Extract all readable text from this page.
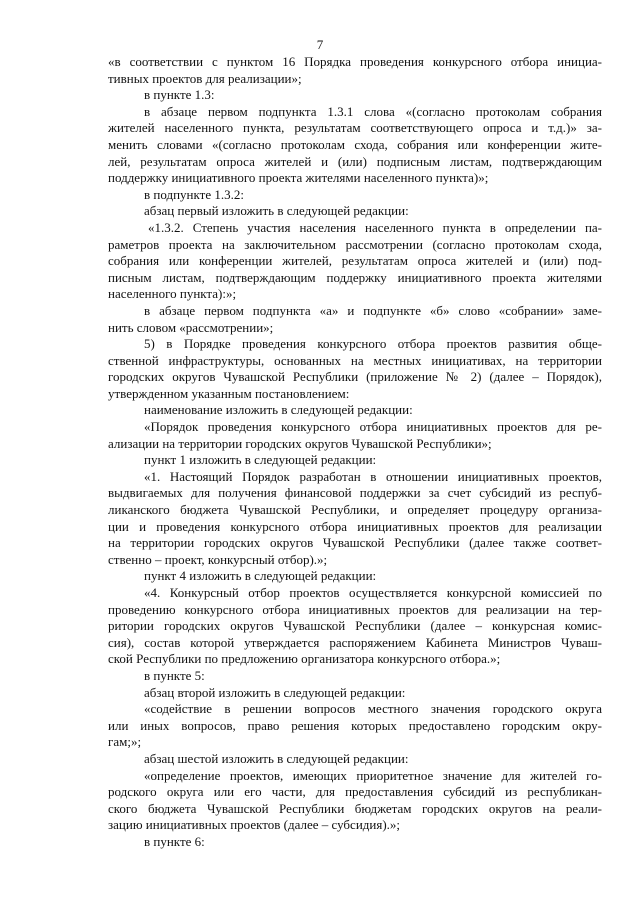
7
«в соответствии с пунктом 16 Порядка проведения конкурсного отбора инициа-
тивных проектов для реализации»;
в пункте 1.3:
в абзаце первом подпункта 1.3.1 слова «(согласно протоколам собрания
жителей населенного пункта, результатам соответствующего опроса и т.д.)» за-
менить словами «(согласно протоколам схода, собрания или конференции жите-
лей, результатам опроса жителей и (или) подписным листам, подтверждающим
поддержку инициативного проекта жителями населенного пункта)»;
в подпункте 1.3.2:
абзац первый изложить в следующей редакции:
«1.3.2. Степень участия населения населенного пункта в определении па-
раметров проекта на заключительном рассмотрении (согласно протоколам схода,
собрания или конференции жителей, результатам опроса жителей и (или) под-
писным листам, подтверждающим поддержку инициативного проекта жителями
населенного пункта):»;
в абзаце первом подпункта «а» и подпункте «б» слово «собрании» заме-
нить словом «рассмотрении»;
5) в Порядке проведения конкурсного отбора проектов развития обще-
ственной инфраструктуры, основанных на местных инициативах, на территории
городских округов Чувашской Республики (приложение № 2) (далее – Порядок),
утвержденном указанным постановлением:
наименование изложить в следующей редакции:
«Порядок проведения конкурсного отбора инициативных проектов для ре-
ализации на территории городских округов Чувашской Республики»;
пункт 1 изложить в следующей редакции:
«1. Настоящий Порядок разработан в отношении инициативных проектов,
выдвигаемых для получения финансовой поддержки за счет субсидий из респуб-
ликанского бюджета Чувашской Республики, и определяет процедуру организа-
ции и проведения конкурсного отбора инициативных проектов для реализации
на территории городских округов Чувашской Республики (далее также соответ-
ственно – проект, конкурсный отбор).»;
пункт 4 изложить в следующей редакции:
«4. Конкурсный отбор проектов осуществляется конкурсной комиссией по
проведению конкурсного отбора инициативных проектов для реализации на тер-
ритории городских округов Чувашской Республики (далее – конкурсная комис-
сия), состав которой утверждается распоряжением Кабинета Министров Чуваш-
ской Республики по предложению организатора конкурсного отбора.»;
в пункте 5:
абзац второй изложить в следующей редакции:
«содействие в решении вопросов местного значения городского округа
или иных вопросов, право решения которых предоставлено городским окру-
гам;»;
абзац шестой изложить в следующей редакции:
«определение проектов, имеющих приоритетное значение для жителей го-
родского округа или его части, для предоставления субсидий из республикан-
ского бюджета Чувашской Республики бюджетам городских округов на реали-
зацию инициативных проектов (далее – субсидия).»;
в пункте 6:
